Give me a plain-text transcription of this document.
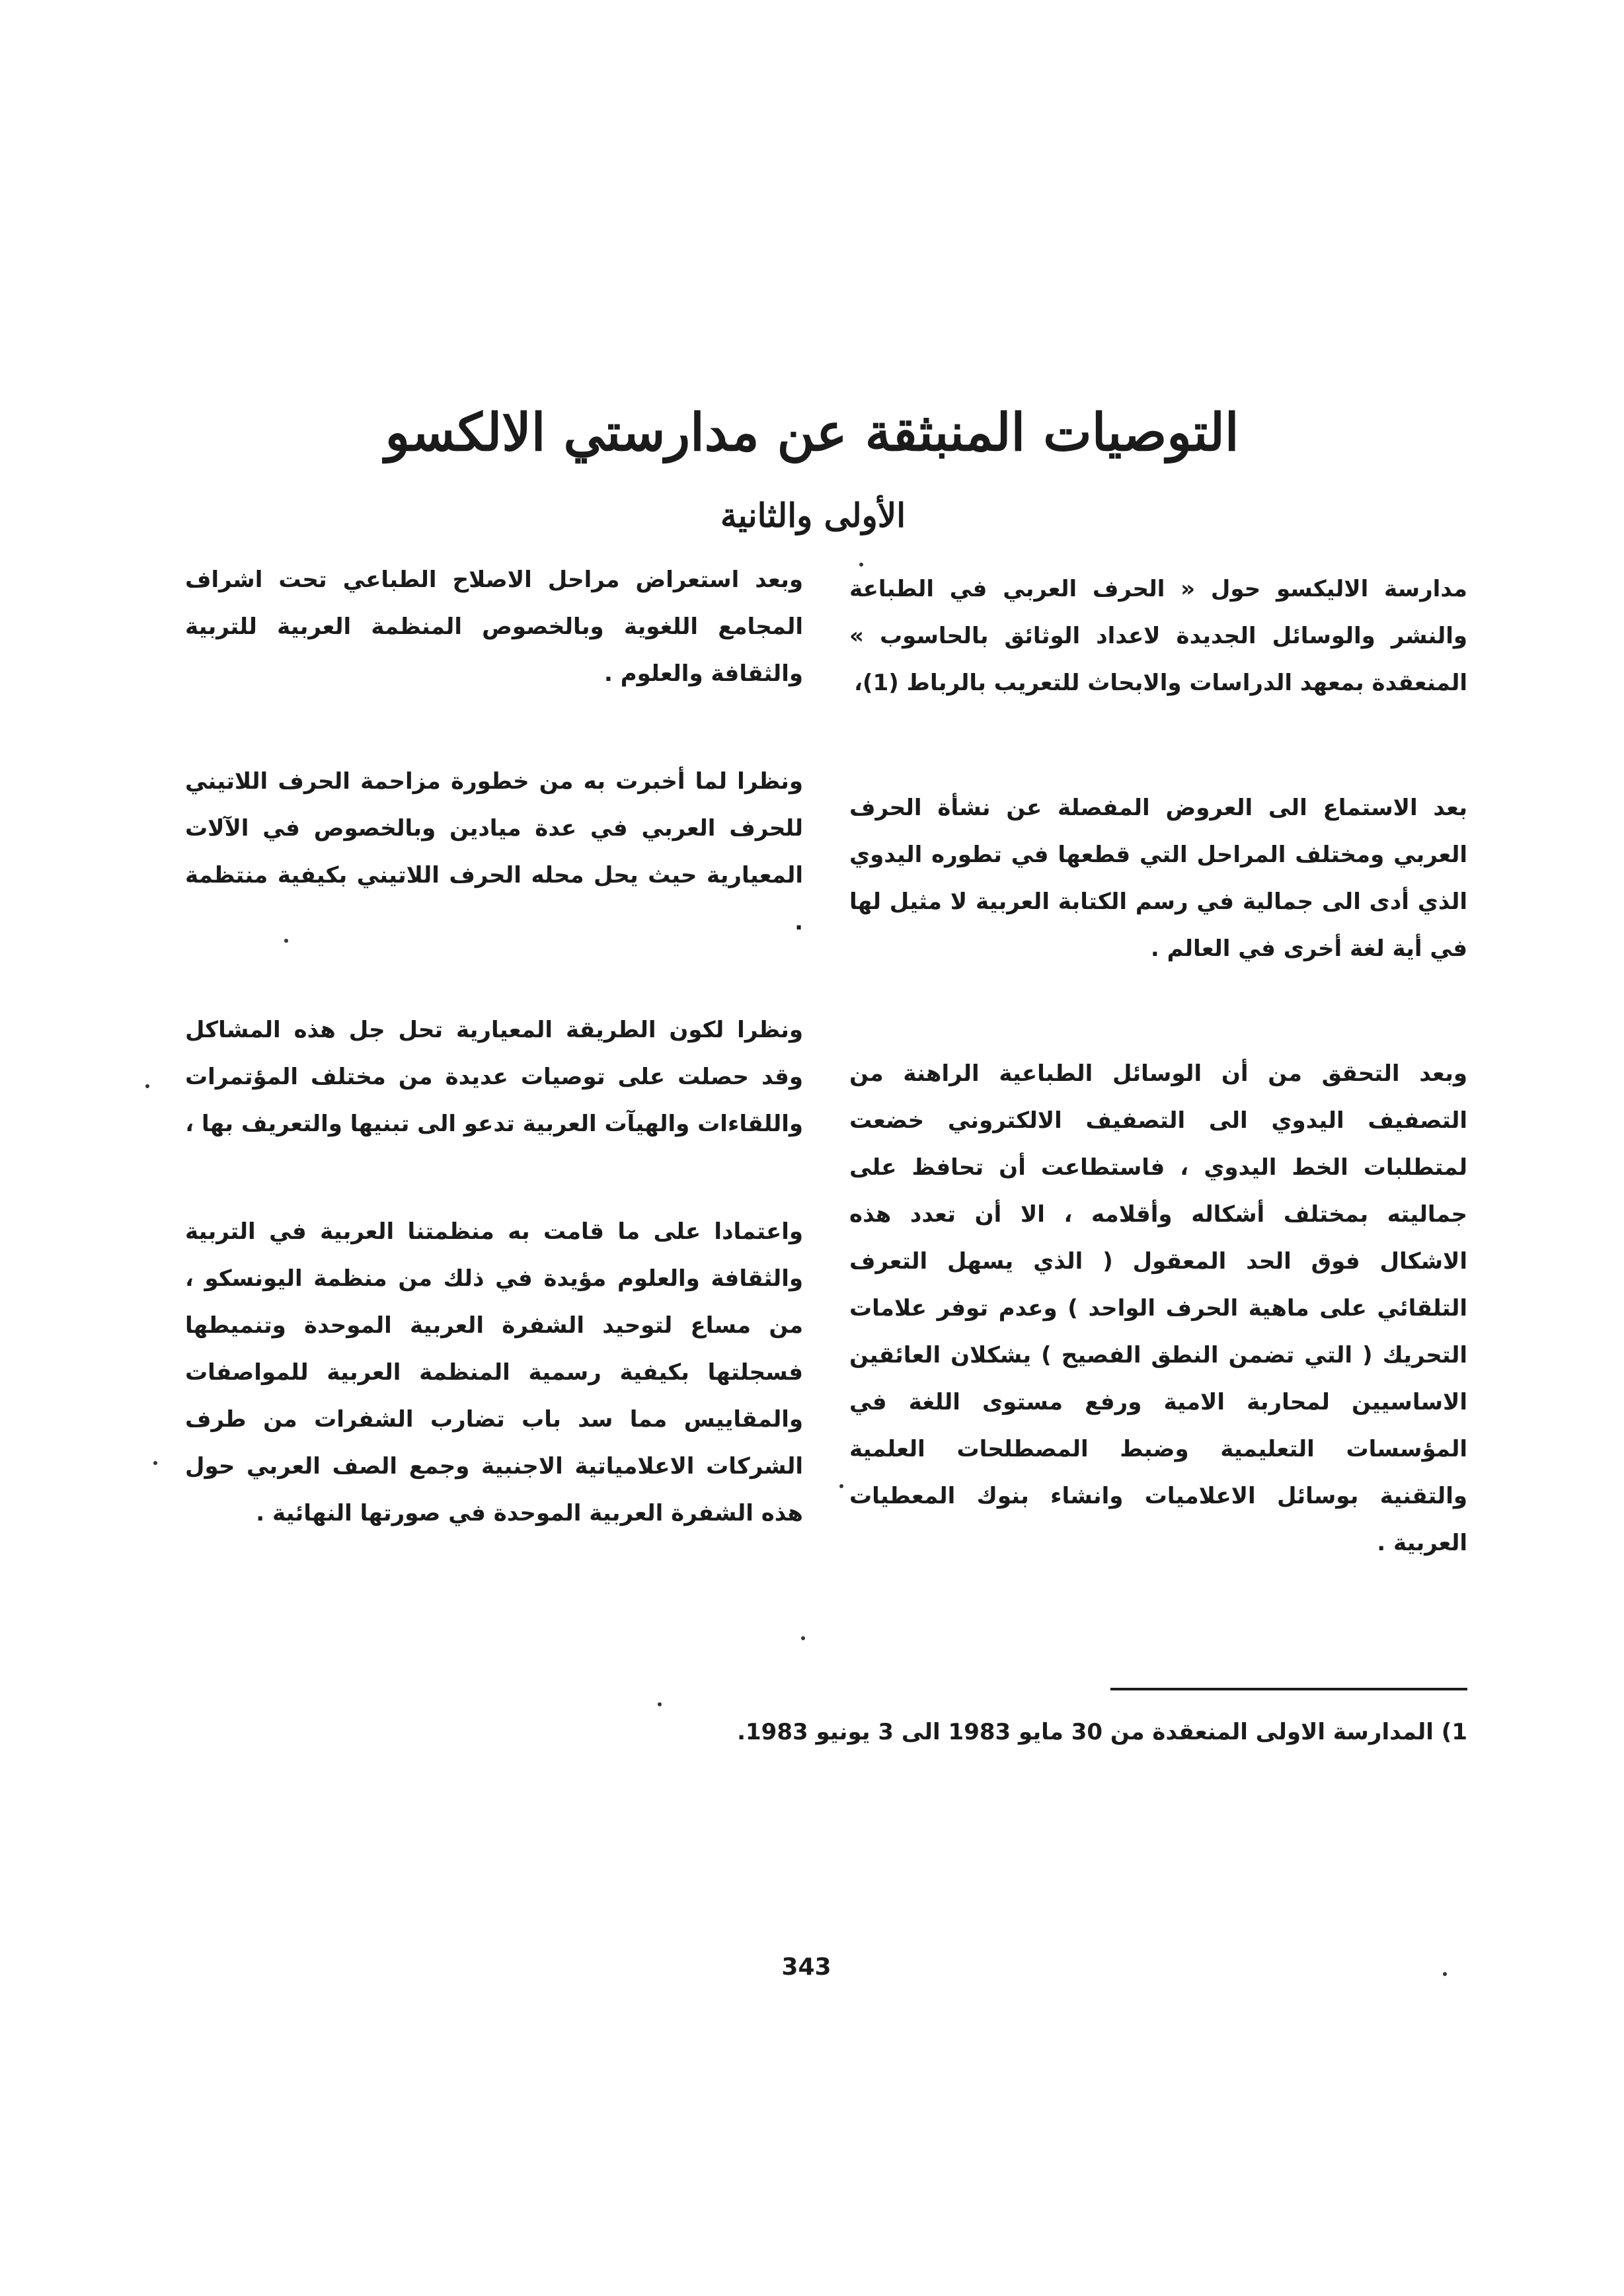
التوصيات المنبثقة عن مدارستي الالكسو
الأولى والثانية

مدارسة الاليكسو حول « الحرف العربي في الطباعة والنشر والوسائل الجديدة لاعداد الوثائق بالحاسوب » المنعقدة بمعهد الدراسات والابحاث للتعريب بالرباط (1)،

بعد الاستماع الى العروض المفصلة عن نشأة الحرف العربي ومختلف المراحل التي قطعها في تطوره اليدوي الذي أدى الى جمالية في رسم الكتابة العربية لا مثيل لها في أية لغة أخرى في العالم .

وبعد التحقق من أن الوسائل الطباعية الراهنة من التصفيف اليدوي الى التصفيف الالكتروني خضعت لمتطلبات الخط اليدوي ، فاستطاعت أن تحافظ على جماليته بمختلف أشكاله وأقلامه ، الا أن تعدد هذه الاشكال فوق الحد المعقول ( الذي يسهل التعرف التلقائي على ماهية الحرف الواحد ) وعدم توفر علامات التحريك ( التي تضمن النطق الفصيح ) يشكلان العائقين الاساسيين لمحاربة الامية ورفع مستوى اللغة في المؤسسات التعليمية وضبط المصطلحات العلمية والتقنية بوسائل الاعلاميات وانشاء بنوك المعطيات العربية .

وبعد استعراض مراحل الاصلاح الطباعي تحت اشراف المجامع اللغوية وبالخصوص المنظمة العربية للتربية والثقافة والعلوم .

ونظرا لما أخبرت به من خطورة مزاحمة الحرف اللاتيني للحرف العربي في عدة ميادين وبالخصوص في الآلات المعيارية حيث يحل محله الحرف اللاتيني بكيفية منتظمة .

ونظرا لكون الطريقة المعيارية تحل جل هذه المشاكل وقد حصلت على توصيات عديدة من مختلف المؤتمرات واللقاءات والهيآت العربية تدعو الى تبنيها والتعريف بها ،

واعتمادا على ما قامت به منظمتنا العربية في التربية والثقافة والعلوم مؤيدة في ذلك من منظمة اليونسكو ، من مساع لتوحيد الشفرة العربية الموحدة وتنميطها فسجلتها بكيفية رسمية المنظمة العربية للمواصفات والمقاييس مما سد باب تضارب الشفرات من طرف الشركات الاعلامياتية الاجنبية وجمع الصف العربي حول هذه الشفرة العربية الموحدة في صورتها النهائية .

1) المدارسة الاولى المنعقدة من 30 مايو 1983 الى 3 يونيو 1983.

343
